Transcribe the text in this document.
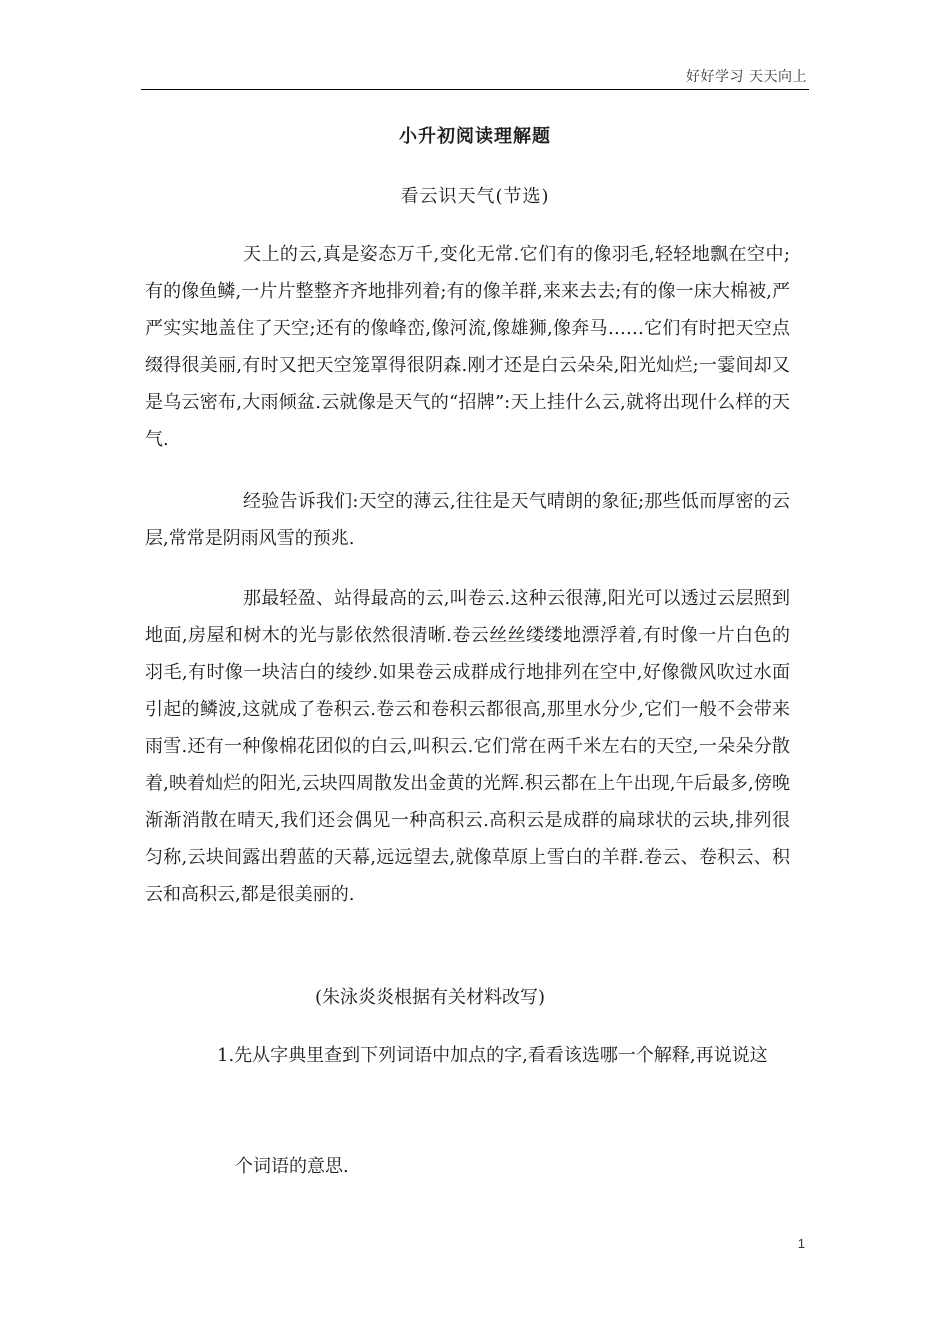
好好学习 天天向上
小升初阅读理解题
看云识天气(节选)

天上的云,真是姿态万千,变化无常.它们有的像羽毛,轻轻地飘在空中;有的像鱼鳞,一片片整整齐齐地排列着;有的像羊群,来来去去;有的像一床大棉被,严严实实地盖住了天空;还有的像峰峦,像河流,像雄狮,像奔马……它们有时把天空点缀得很美丽,有时又把天空笼罩得很阴森.刚才还是白云朵朵,阳光灿烂;一霎间却又是乌云密布,大雨倾盆.云就像是天气的“招牌”:天上挂什么云,就将出现什么样的天气.

经验告诉我们:天空的薄云,往往是天气晴朗的象征;那些低而厚密的云层,常常是阴雨风雪的预兆.

那最轻盈、站得最高的云,叫卷云.这种云很薄,阳光可以透过云层照到地面,房屋和树木的光与影依然很清晰.卷云丝丝缕缕地漂浮着,有时像一片白色的羽毛,有时像一块洁白的绫纱.如果卷云成群成行地排列在空中,好像微风吹过水面引起的鳞波,这就成了卷积云.卷云和卷积云都很高,那里水分少,它们一般不会带来雨雪.还有一种像棉花团似的白云,叫积云.它们常在两千米左右的天空,一朵朵分散着,映着灿烂的阳光,云块四周散发出金黄的光辉.积云都在上午出现,午后最多,傍晚渐渐消散在晴天,我们还会偶见一种高积云.高积云是成群的扁球状的云块,排列很匀称,云块间露出碧蓝的天幕,远远望去,就像草原上雪白的羊群.卷云、卷积云、积云和高积云,都是很美丽的.

(朱泳炎炎根据有关材料改写)

1.先从字典里查到下列词语中加点的字,看看该选哪一个解释,再说说这

个词语的意思.

1
